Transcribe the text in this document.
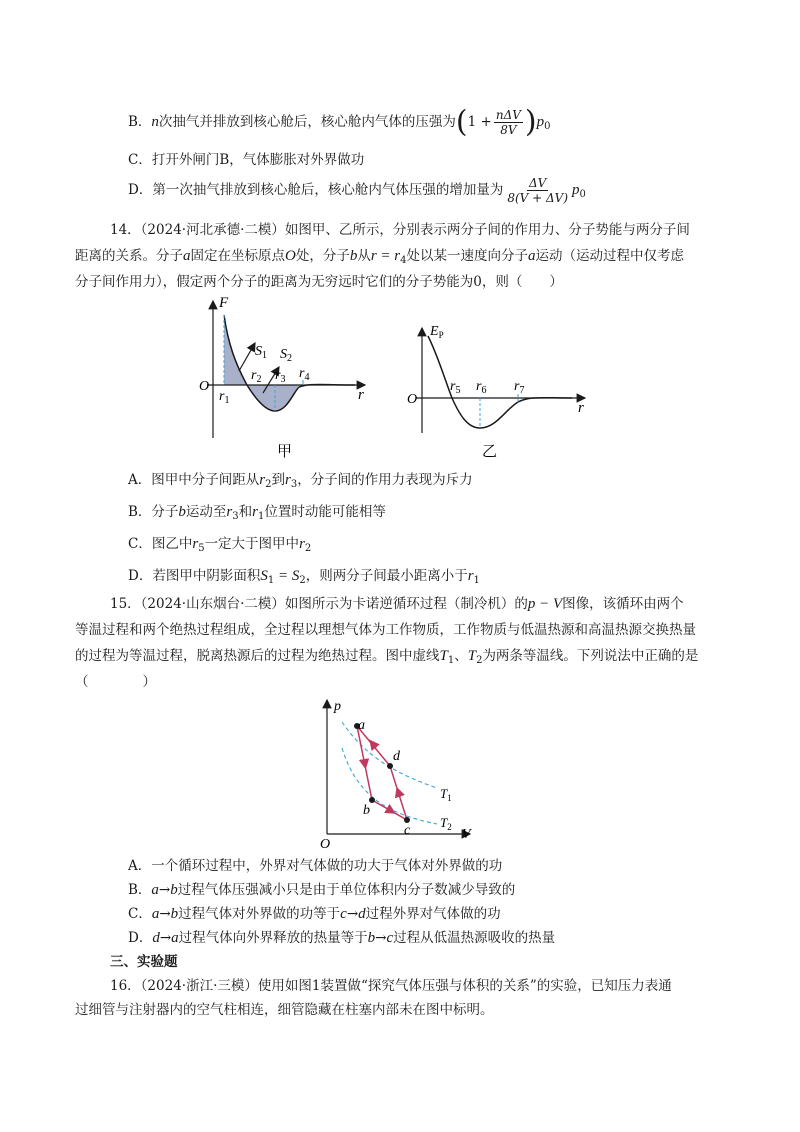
B．n次抽气并排放到核心舱后，核心舱内气体的压强为$(1 + \frac{\text{nΔV}}{8V} )p_0$
C．打开外闸门B，气体膨胀对外界做功
D．第一次抽气排放到核心舱后，核心舱内气体压强的增加量为 $\frac{\Delta V}{8(V + \Delta V)} p_0$
14．（2024·河北承德·二模）如图甲、乙所示，分别表示两分子间的作用力、分子势能与两分子间
距离的关系。分子a固定在坐标原点O处，分子b从$r = r_4$处以某一速度向分子a运动（运动过程中仅考虑
分子间作用力），假定两个分子的距离为无穷远时它们的分子势能为0，则（　　）
F
O
r
$S_1$ $S_2$
$r_1$
$r_2$ $r_3$ $r_4$
甲
$E_P$
O
r
$r_5$ $r_6$ $r_7$
乙
A．图甲中分子间距从$r_2$到$r_3$，分子间的作用力表现为斥力
B．分子b运动至$r_3$和$r_1$位置时动能可能相等
C．图乙中$r_5$一定大于图甲中$r_2$
D．若图甲中阴影面积$S_1 = S_2$，则两分子间最小距离小于$r_1$
15．（2024·山东烟台·二模）如图所示为卡诺逆循环过程（制冷机）的p − V图像，该循环由两个
等温过程和两个绝热过程组成，全过程以理想气体为工作物质，工作物质与低温热源和高温热源交换热量
的过程为等温过程，脱离热源后的过程为绝热过程。图中虚线$T_1$、$T_2$为两条等温线。下列说法中正确的是
（　　　　）
p
V
O
a
b
c
d
$T_1$
$T_2$
A．一个循环过程中，外界对气体做的功大于气体对外界做的功
B．a→b过程气体压强减小只是由于单位体积内分子数减少导致的
C．a→b过程气体对外界做的功等于c→d过程外界对气体做的功
D．d→a过程气体向外界释放的热量等于b→c过程从低温热源吸收的热量
三、实验题
16．（2024·浙江·三模）使用如图1装置做“探究气体压强与体积的关系”的实验，已知压力表通
过细管与注射器内的空气柱相连，细管隐藏在柱塞内部未在图中标明。
